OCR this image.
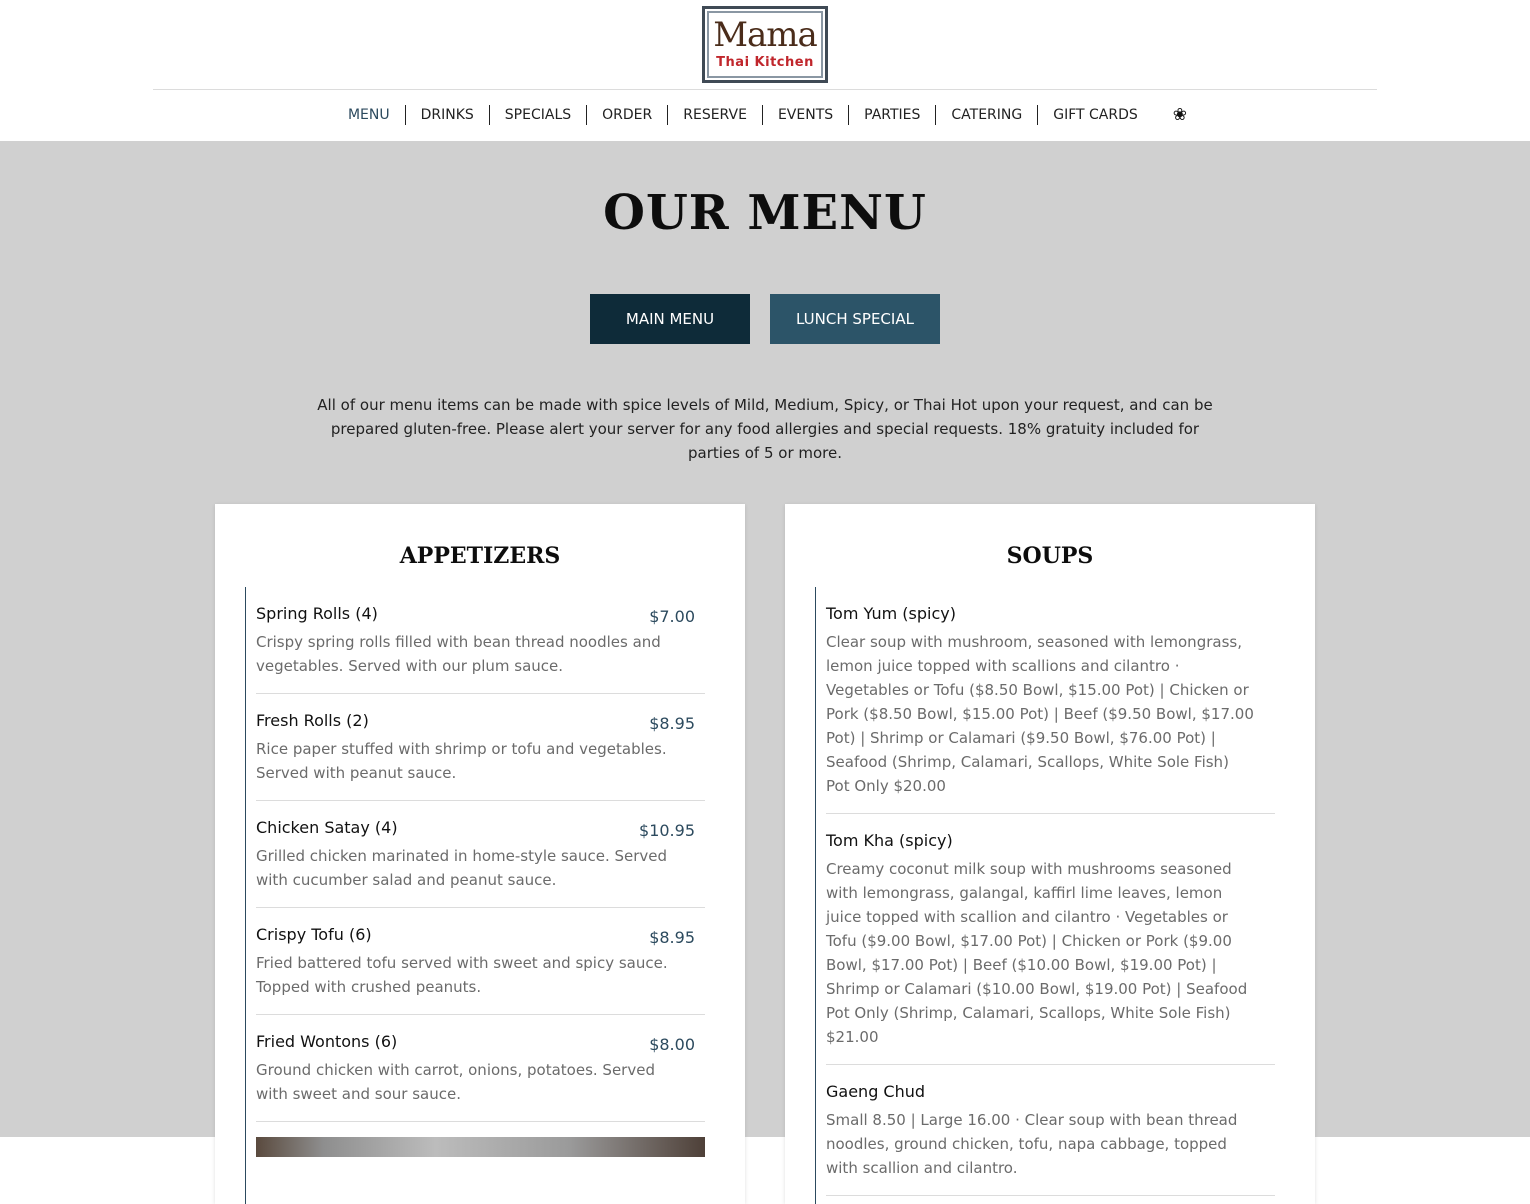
Mama
Thai Kitchen
MENU	DRINKS	SPECIALS	ORDER	RESERVE	EVENTS	PARTIES	CATERING	GIFT CARDS	❀
OUR MENU
MAIN MENU	LUNCH SPECIAL

All of our menu items can be made with spice levels of Mild, Medium, Spicy, or Thai Hot upon your request, and can be prepared gluten-free. Please alert your server for any food allergies and special requests. 18% gratuity included for parties of 5 or more.

APPETIZERS
Spring Rolls (4)	$7.00
Crispy spring rolls filled with bean thread noodles and vegetables. Served with our plum sauce.
Fresh Rolls (2)	$8.95
Rice paper stuffed with shrimp or tofu and vegetables. Served with peanut sauce.
Chicken Satay (4)	$10.95
Grilled chicken marinated in home-style sauce. Served with cucumber salad and peanut sauce.
Crispy Tofu (6)	$8.95
Fried battered tofu served with sweet and spicy sauce. Topped with crushed peanuts.
Fried Wontons (6)	$8.00
Ground chicken with carrot, onions, potatoes. Served with sweet and sour sauce.
SOUPS
Tom Yum (spicy)
Clear soup with mushroom, seasoned with lemongrass, lemon juice topped with scallions and cilantro · Vegetables or Tofu ($8.50 Bowl, $15.00 Pot) | Chicken or Pork ($8.50 Bowl, $15.00 Pot) | Beef ($9.50 Bowl, $17.00 Pot) | Shrimp or Calamari ($9.50 Bowl, $76.00 Pot) | Seafood (Shrimp, Calamari, Scallops, White Sole Fish) Pot Only $20.00
Tom Kha (spicy)
Creamy coconut milk soup with mushrooms seasoned with lemongrass, galangal, kaffirl lime leaves, lemon juice topped with scallion and cilantro · Vegetables or Tofu ($9.00 Bowl, $17.00 Pot) | Chicken or Pork ($9.00 Bowl, $17.00 Pot) | Beef ($10.00 Bowl, $19.00 Pot) | Shrimp or Calamari ($10.00 Bowl, $19.00 Pot) | Seafood Pot Only (Shrimp, Calamari, Scallops, White Sole Fish) $21.00
Gaeng Chud
Small 8.50 | Large 16.00 · Clear soup with bean thread noodles, ground chicken, tofu, napa cabbage, topped with scallion and cilantro.
